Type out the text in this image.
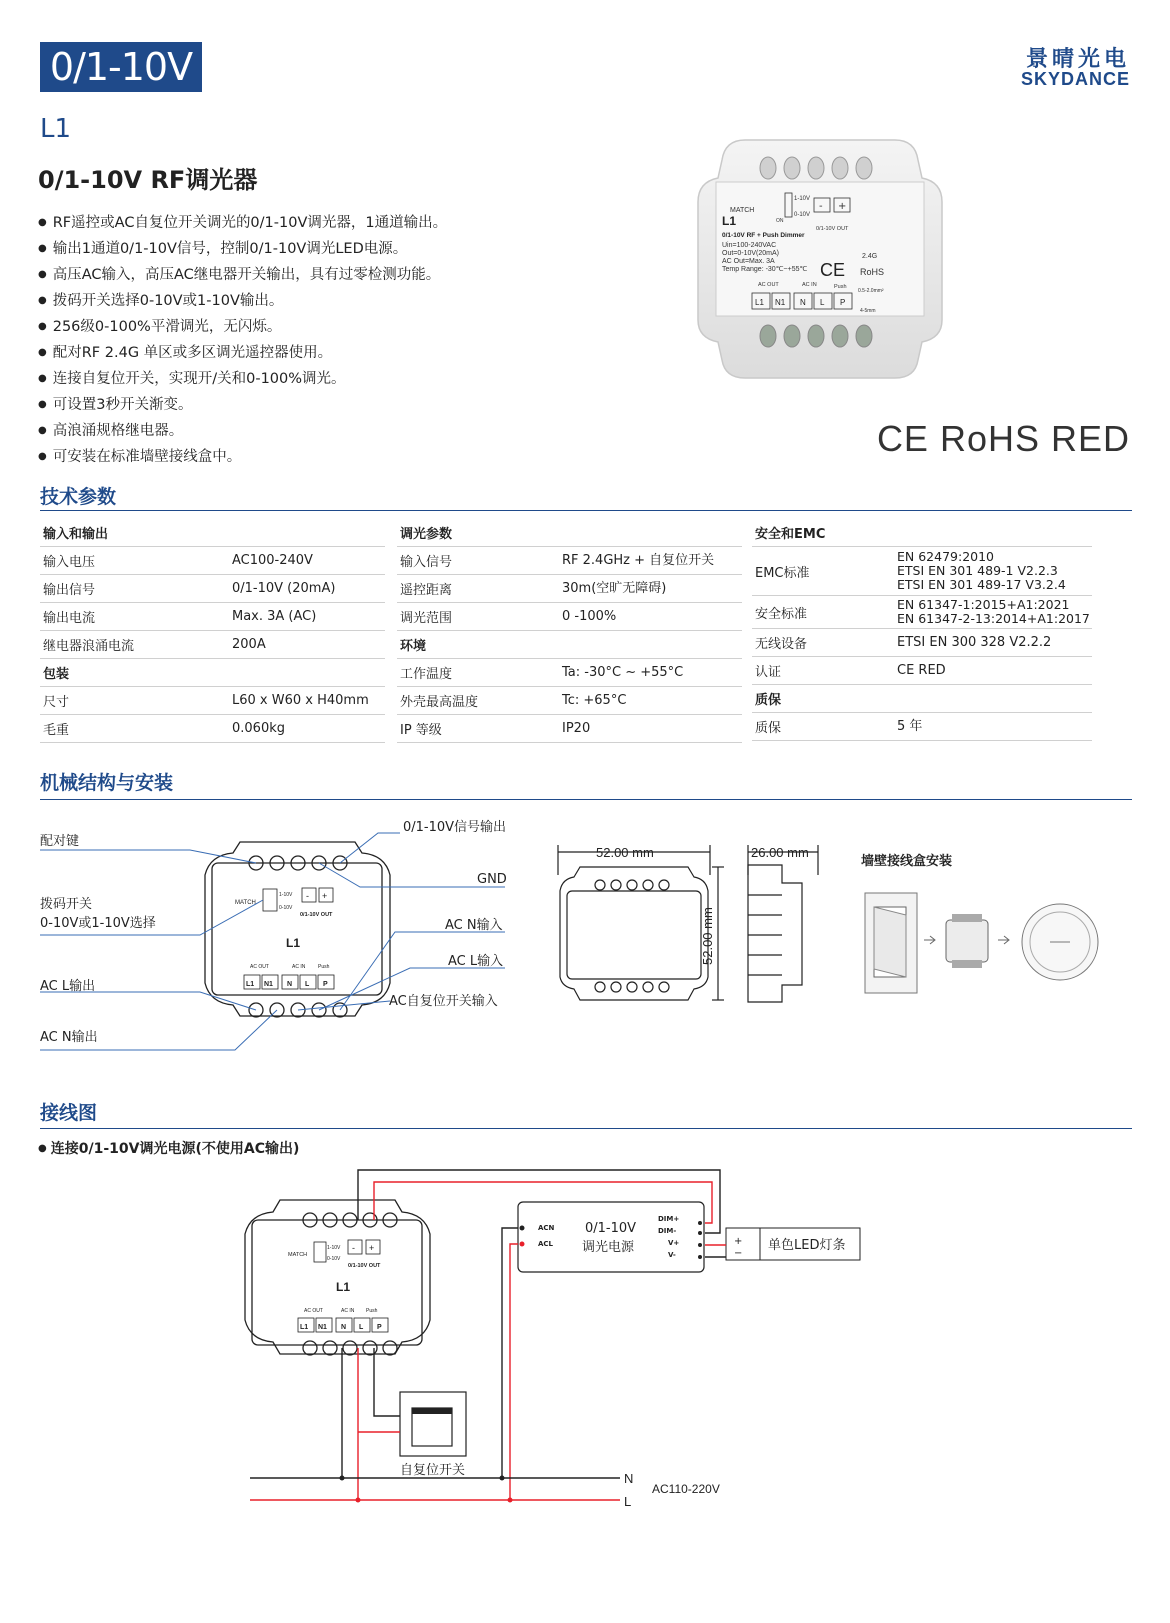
0/1-10V	景晴光电
SKYDANCE
L1
0/1-10V RF调光器
● RF遥控或AC自复位开关调光的0/1-10V调光器，1通道输出。
● 输出1通道0/1-10V信号，控制0/1-10V调光LED电源。
● 高压AC输入，高压AC继电器开关输出，具有过零检测功能。
● 拨码开关选择0-10V或1-10V输出。
● 256级0-100%平滑调光，无闪烁。
● 配对RF 2.4G 单区或多区调光遥控器使用。
● 连接自复位开关，实现开/关和0-100%调光。
● 可设置3秒开关渐变。
● 高浪涌规格继电器。
● 可安装在标准墙壁接线盒中。
MATCH
1-10V
0-10V
ON
- +
0/1-10V OUT
L1
0/1-10V RF + Push Dimmer
Uin=100-240VAC
Out=0-10V(20mA)
AC Out=Max. 3A
Temp Range: -30℃~+55℃ CE
2.4G
RoHS
AC OUT	AC IN	Push
0.5-2.0mm²
4-5mm
L1 N1 N L P
CE RoHS RED
技术参数
输入和输出
输入电压	AC100-240V
输出信号	0/1-10V (20mA)
输出电流	Max. 3A (AC)
继电器浪涌电流	200A
包装
尺寸	L60 x W60 x H40mm
毛重	0.060kg
调光参数
输入信号	RF 2.4GHz + 自复位开关
遥控距离	30m(空旷无障碍)
调光范围	0 -100%
环境
工作温度	Ta: -30°C ~ +55°C
外壳最高温度	Tc: +65°C
IP 等级	IP20
安全和EMC
EMC标准
EN 62479:2010
ETSI EN 301 489-1 V2.2.3
ETSI EN 301 489-17 V3.2.4
安全标准
EN 61347-1:2015+A1:2021
EN 61347-2-13:2014+A1:2017
无线设备	ETSI EN 300 328 V2.2.2
认证	CE RED
质保
质保	5 年
机械结构与安装
配对键
0/1-10V信号输出
GND
拨码开关
0-10V或1-10V选择	AC N输入
AC L输入
AC L输出
AC自复位开关输入
AC N输出
MATCH
1-10V
0-10V
- +
0/1-10V OUT
L1
AC OUT	AC IN	Push
L1 N1 N L P
52.00 mm
52.00 mm
26.00 mm
墙壁接线盒安装
接线图
● 连接0/1-10V调光电源(不使用AC输出)
MATCH
1-10V
0-10V
- +
0/1-10V OUT
L1
AC OUT	AC IN Push
L1 N1 N L P
ACN
ACL
0/1-10V
调光电源
DIM+
DIM-
V+
V-
+
−
单色LED灯条
自复位开关
N
L
AC110-220V
